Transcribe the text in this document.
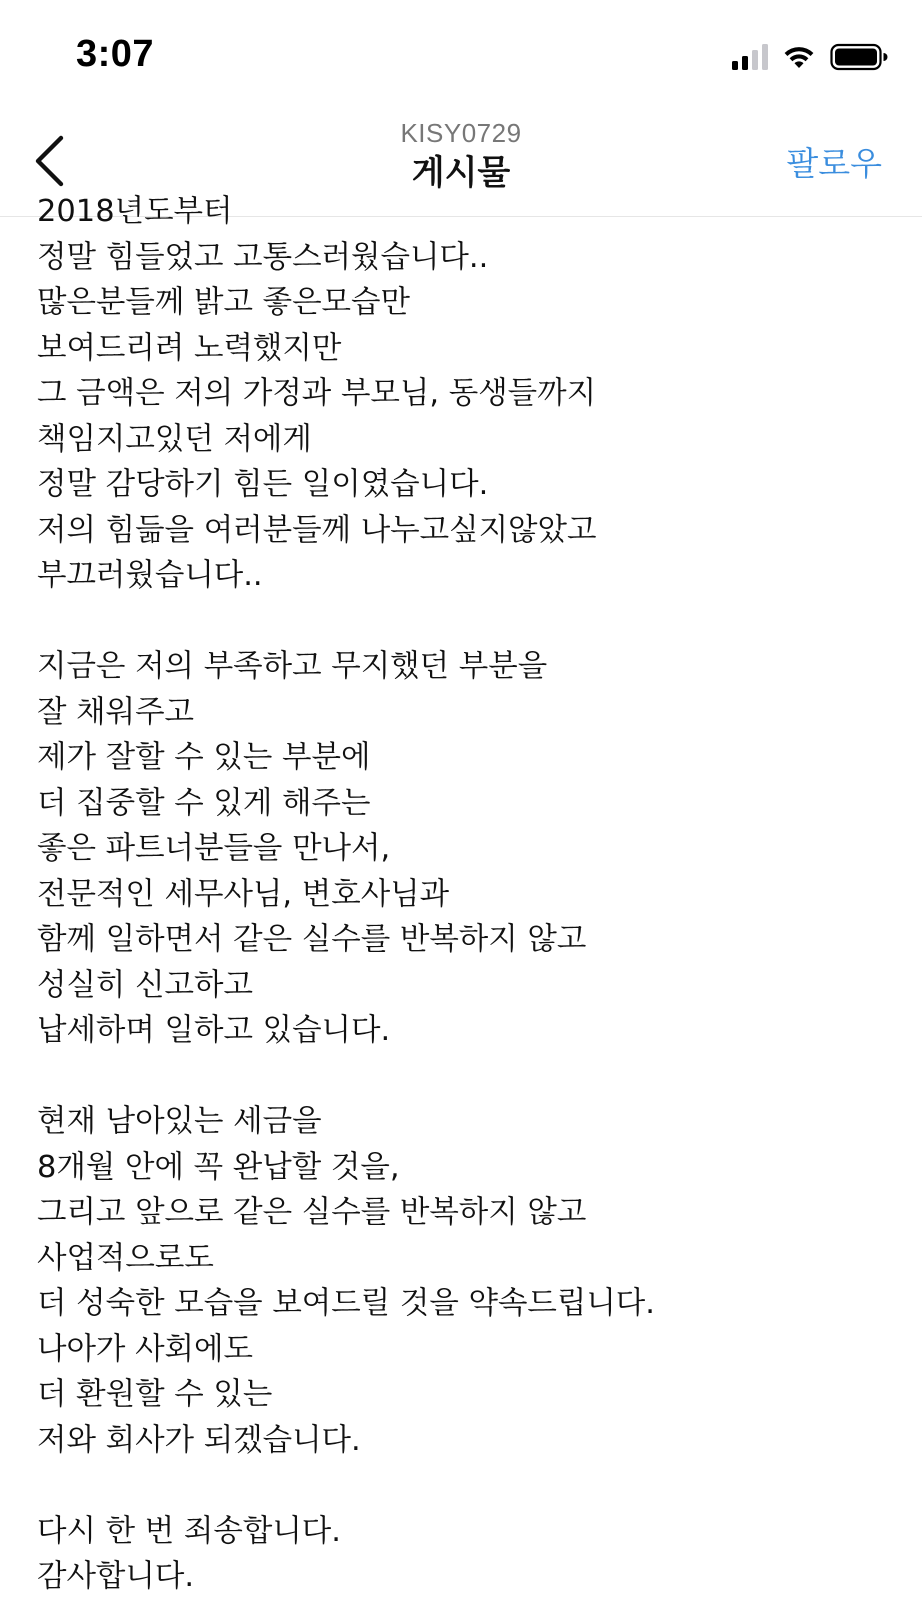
3:07
KISY0729
게시물	팔로우
2018년도부터
정말 힘들었고 고통스러웠습니다..
많은분들께 밝고 좋은모습만
보여드리려 노력했지만
그 금액은 저의 가정과 부모님, 동생들까지
책임지고있던 저에게
정말 감당하기 힘든 일이였습니다.
저의 힘듦을 여러분들께 나누고싶지않았고
부끄러웠습니다..
지금은 저의 부족하고 무지했던 부분을
잘 채워주고
제가 잘할 수 있는 부분에
더 집중할 수 있게 해주는
좋은 파트너분들을 만나서,
전문적인 세무사님, 변호사님과
함께 일하면서 같은 실수를 반복하지 않고
성실히 신고하고
납세하며 일하고 있습니다.
현재 남아있는 세금을
8개월 안에 꼭 완납할 것을,
그리고 앞으로 같은 실수를 반복하지 않고
사업적으로도
더 성숙한 모습을 보여드릴 것을 약속드립니다.
나아가 사회에도
더 환원할 수 있는
저와 회사가 되겠습니다.
다시 한 번 죄송합니다.
감사합니다.
